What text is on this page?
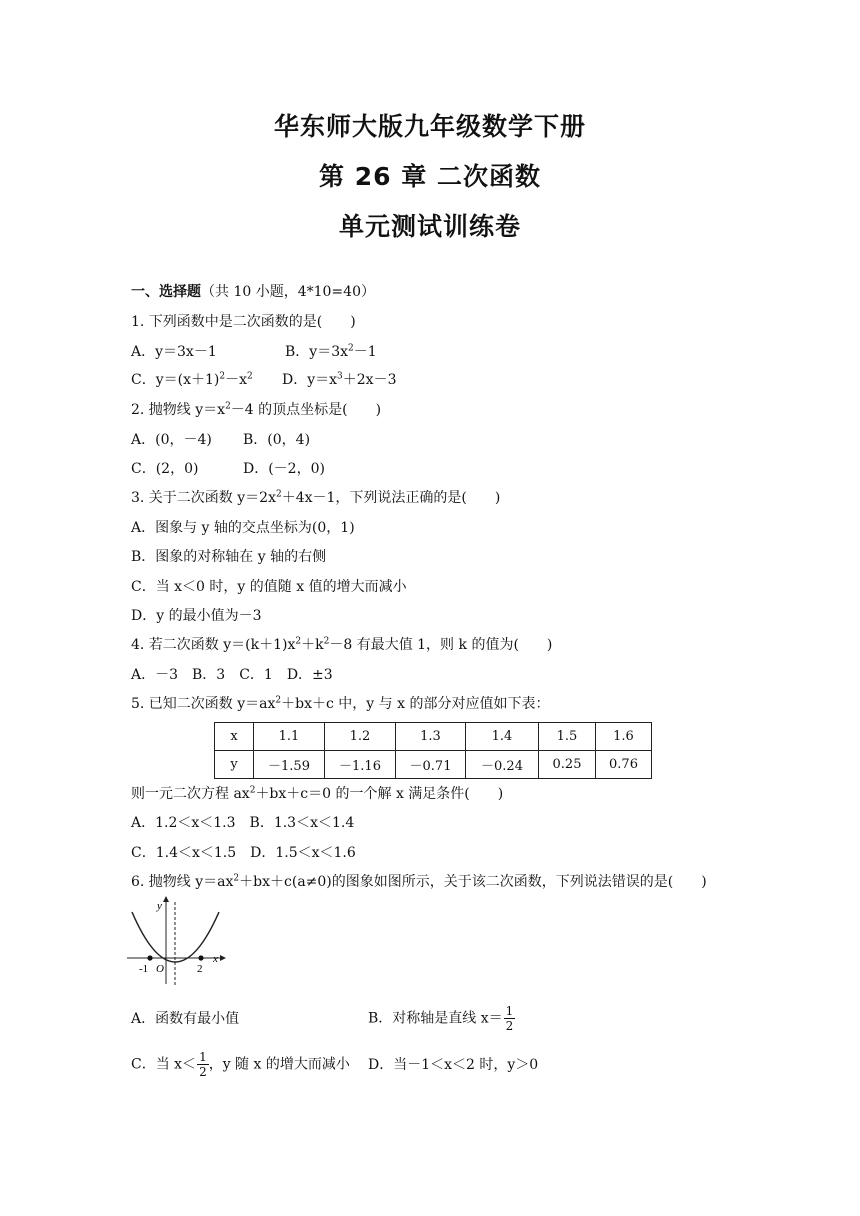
华东师大版九年级数学下册
第 26 章 二次函数
单元测试训练卷
一、选择题（共 10 小题，4*10=40）
1. 下列函数中是二次函数的是(　　)
A．y＝3x－1	B．$y=3x^2-1$
C．$y=(x+1)^2-x^2$ D．$y=x^3+2x-3$
2. 抛物线 $y=x^2-4$ 的顶点坐标是(　　)
A．(0，－4) B．(0，4)
C．(2，0)	D．(－2，0)
3. 关于二次函数 $y=2x^2+4x-1$，下列说法正确的是(　　)
A．图象与 y 轴的交点坐标为(0，1)
B．图象的对称轴在 y 轴的右侧
C．当 x＜0 时，y 的值随 x 值的增大而减小
D．y 的最小值为－3
4. 若二次函数 $y=(k+1)x^2+k^2-8$ 有最大值 1，则 k 的值为(　　)
A．－3　B．3　C．1　D．±3
5. 已知二次函数 $y=ax^2+bx+c$ 中，y 与 x 的部分对应值如下表：
x	1.1	1.2	1.3	1.4	1.5	1.6
y	－1.59	－1.16	－0.71	－0.24	0.25	0.76
则一元二次方程 $ax^2+bx+c=0$ 的一个解 x 满足条件(　　)
A．1.2＜x＜1.3　B．1.3＜x＜1.4
C．1.4＜x＜1.5　D．1.5＜x＜1.6
6. 抛物线 $y=ax^2+bx+c(a\ne 0)$的图象如图所示，关于该二次函数，下列说法错误的是(　　)
y
x
O
-1	2
A．函数有最小值	B．对称轴是直线 $x= \frac{1}{2}$
C．当 $x< \frac{1}{2}$ ，y 随 x 的增大而减小 D．当－1＜x＜2 时，y＞0
